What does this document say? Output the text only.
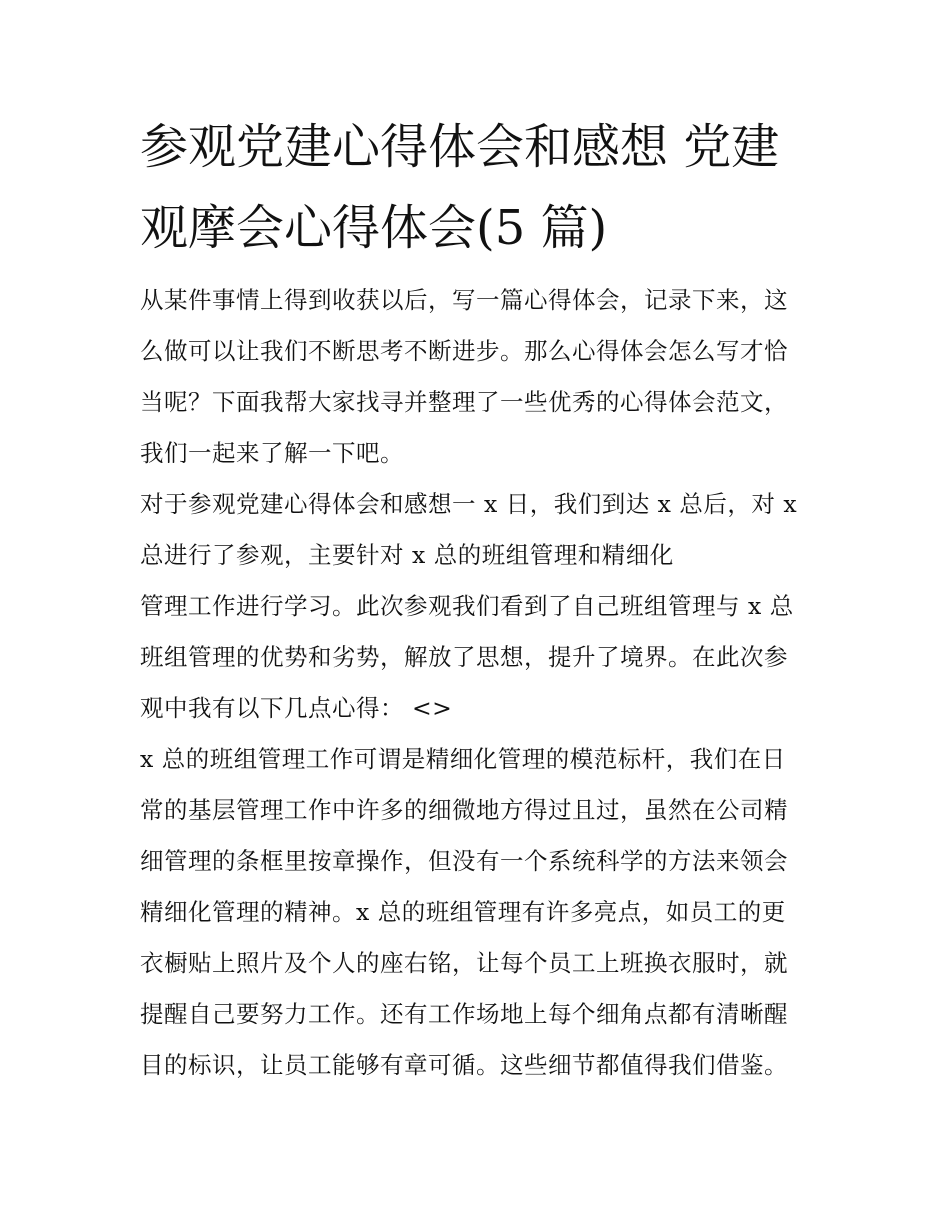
参观党建心得体会和感想 党建
观摩会心得体会(5 篇)

从某件事情上得到收获以后，写一篇心得体会，记录下来，这

么做可以让我们不断思考不断进步。那么心得体会怎么写才恰

当呢？下面我帮大家找寻并整理了一些优秀的心得体会范文，

我们一起来了解一下吧。

对于参观党建心得体会和感想一 x 日，我们到达 x 总后，对 x

总进行了参观，主要针对 x 总的班组管理和精细化

管理工作进行学习。此次参观我们看到了自己班组管理与 x 总

班组管理的优势和劣势，解放了思想，提升了境界。在此次参

观中我有以下几点心得： <>

x 总的班组管理工作可谓是精细化管理的模范标杆，我们在日

常的基层管理工作中许多的细微地方得过且过，虽然在公司精

细管理的条框里按章操作，但没有一个系统科学的方法来领会

精细化管理的精神。x 总的班组管理有许多亮点，如员工的更

衣橱贴上照片及个人的座右铭，让每个员工上班换衣服时，就

提醒自己要努力工作。还有工作场地上每个细角点都有清晰醒

目的标识，让员工能够有章可循。这些细节都值得我们借鉴。
